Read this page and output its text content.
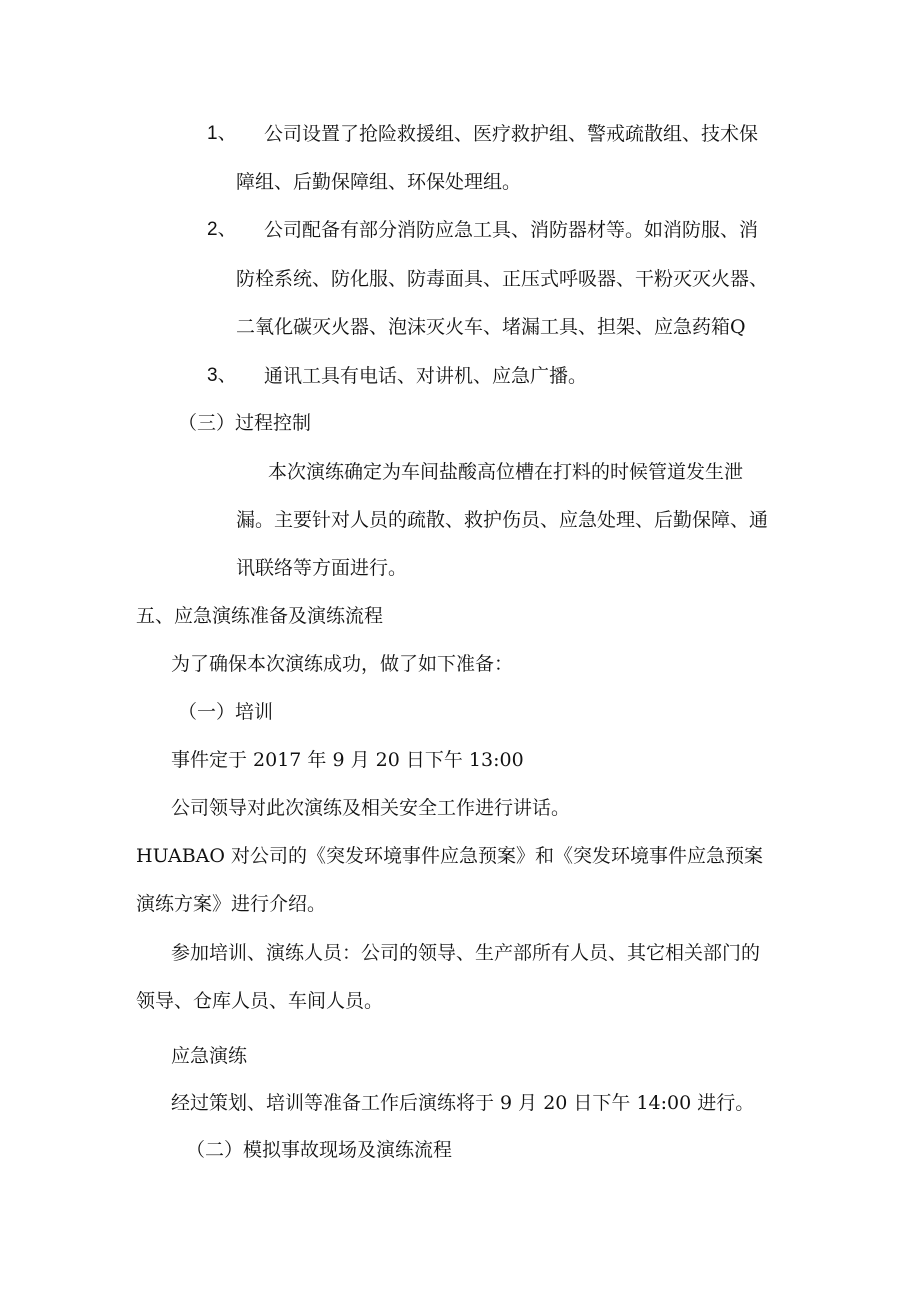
1、 公司设置了抢险救援组、医疗救护组、警戒疏散组、技术保
障组、后勤保障组、环保处理组。
2、 公司配备有部分消防应急工具、消防器材等。如消防服、消
防栓系统、防化服、防毒面具、正压式呼吸器、干粉灭灭火器、
二氧化碳灭火器、泡沫灭火车、堵漏工具、担架、应急药箱Q
3、 通讯工具有电话、对讲机、应急广播。
（三）过程控制
本次演练确定为车间盐酸高位槽在打料的时候管道发生泄
漏。主要针对人员的疏散、救护伤员、应急处理、后勤保障、通
讯联络等方面进行。
五、应急演练准备及演练流程
为了确保本次演练成功，做了如下准备：
（一）培训
事件定于 2017 年 9 月 20 日下午 13:00
公司领导对此次演练及相关安全工作进行讲话。
HUABAO 对公司的《突发环境事件应急预案》和《突发环境事件应急预案
演练方案》进行介绍。
参加培训、演练人员：公司的领导、生产部所有人员、其它相关部门的
领导、仓库人员、车间人员。
应急演练
经过策划、培训等准备工作后演练将于 9 月 20 日下午 14:00 进行。
（二）模拟事故现场及演练流程
